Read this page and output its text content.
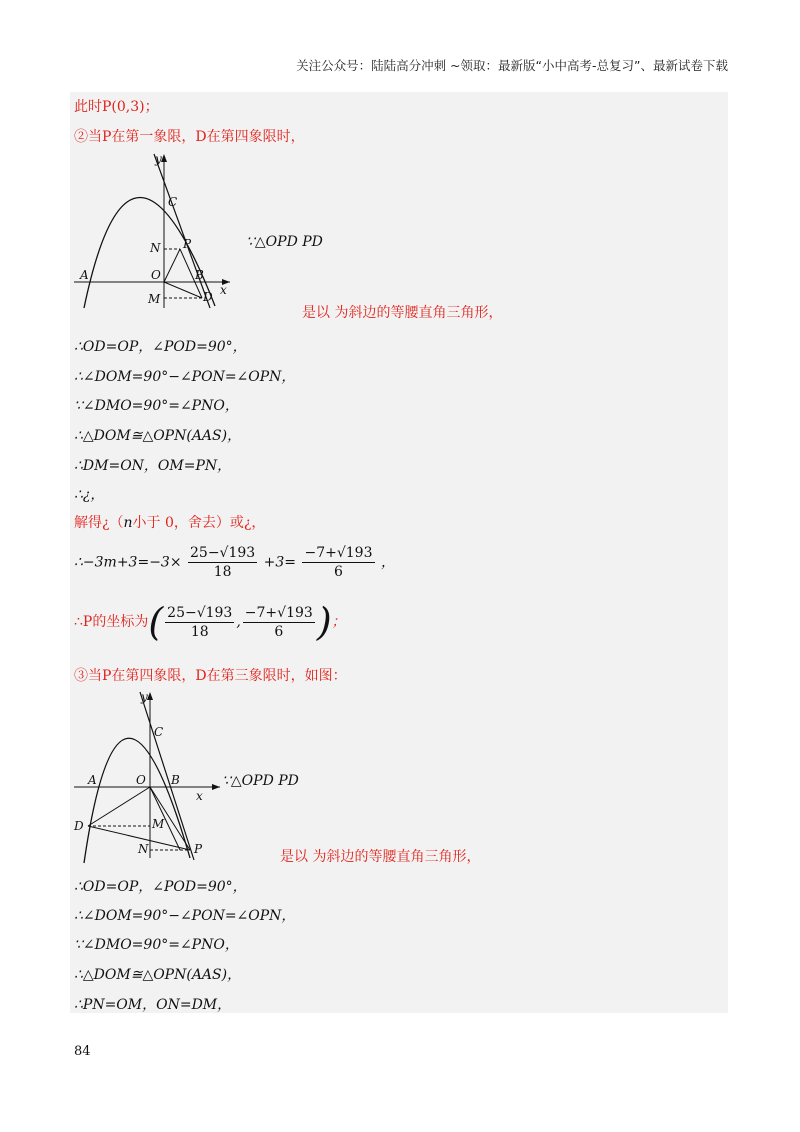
关注公众号：陆陆高分冲刺 ~领取：最新版“小中高考-总复习”、最新试卷下载
此时P(0,3)；
②当P在第一象限，D在第四象限时，
y
C
N P
A	O	B
x
M	D
∵△OPD PD
是以 为斜边的等腰直角三角形，
∴OD=OP，∠POD=90°，
∴∠DOM=90°−∠PON=∠OPN，
∵∠DMO=90°=∠PNO，
∴△DOM≅△OPN(AAS)，
∴DM=ON，OM=PN，
∴¿，
解得¿（n小于 0，舍去）或¿，
∴−3m+3=−3× $\frac{25-√193}{18} +3= \frac{-7+√193}{6}$ ，
∴P的坐标为( $\frac{25-√193}{18}$ , $\frac{-7+√193}{6}$ )；
③当P在第四象限，D在第三象限时，如图：
y
C
A	O B
x
D	M
N	P
∵△OPD PD
是以 为斜边的等腰直角三角形，
∴OD=OP，∠POD=90°，
∴∠DOM=90°−∠PON=∠OPN，
∵∠DMO=90°=∠PNO，
∴△DOM≅△OPN(AAS)，
∴PN=OM，ON=DM，
84
